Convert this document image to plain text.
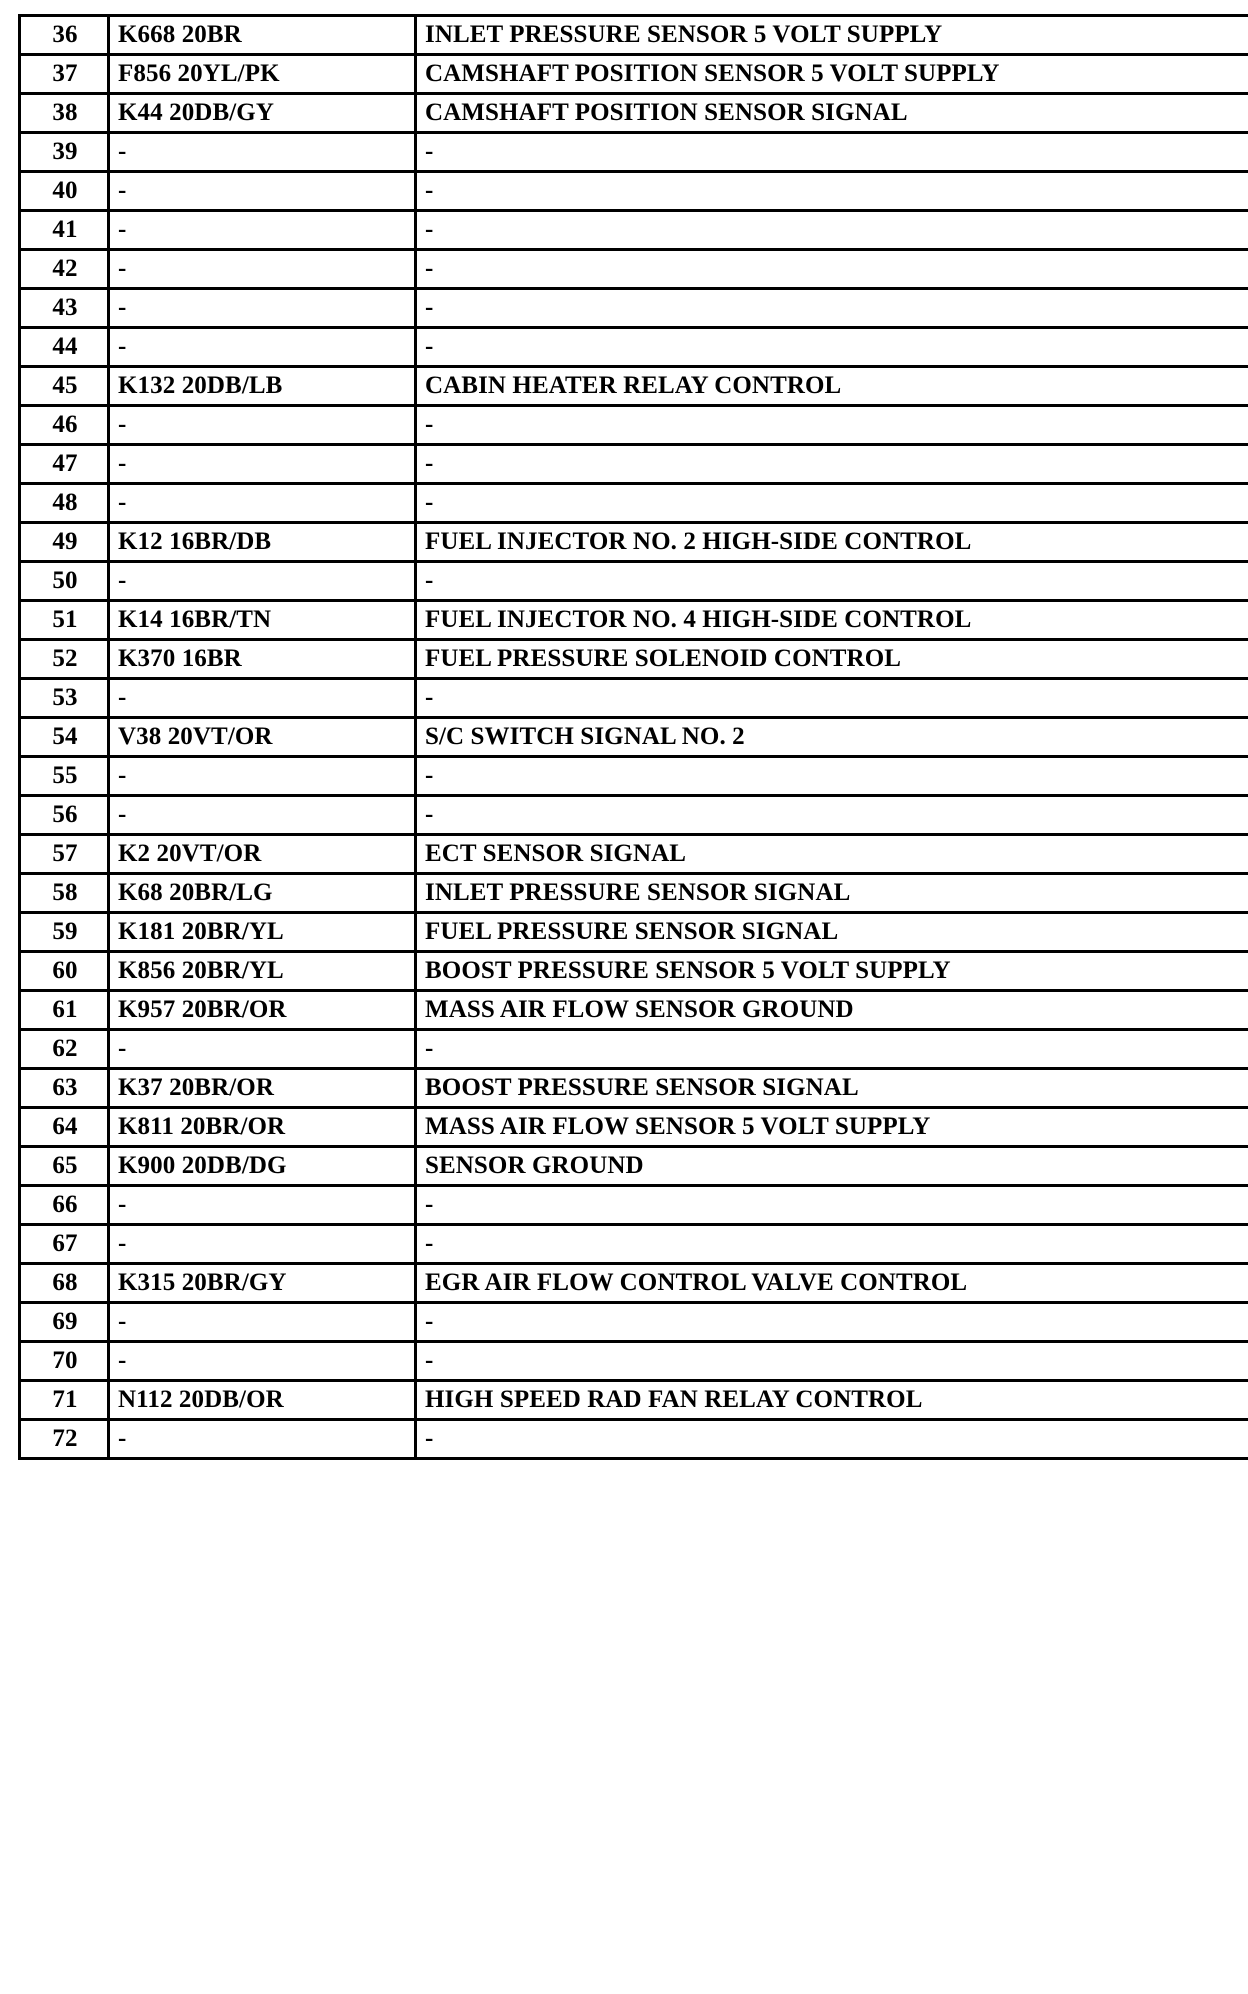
36	K668 20BR	INLET PRESSURE SENSOR 5 VOLT SUPPLY
37	F856 20YL/PK	CAMSHAFT POSITION SENSOR 5 VOLT SUPPLY
38	K44 20DB/GY	CAMSHAFT POSITION SENSOR SIGNAL
39	-	-
40	-	-
41	-	-
42	-	-
43	-	-
44	-	-
45	K132 20DB/LB	CABIN HEATER RELAY CONTROL
46	-	-
47	-	-
48	-	-
49	K12 16BR/DB	FUEL INJECTOR NO. 2 HIGH-SIDE CONTROL
50	-	-
51	K14 16BR/TN	FUEL INJECTOR NO. 4 HIGH-SIDE CONTROL
52	K370 16BR	FUEL PRESSURE SOLENOID CONTROL
53	-	-
54	V38 20VT/OR	S/C SWITCH SIGNAL NO. 2
55	-	-
56	-	-
57	K2 20VT/OR	ECT SENSOR SIGNAL
58	K68 20BR/LG	INLET PRESSURE SENSOR SIGNAL
59	K181 20BR/YL	FUEL PRESSURE SENSOR SIGNAL
60	K856 20BR/YL	BOOST PRESSURE SENSOR 5 VOLT SUPPLY
61	K957 20BR/OR	MASS AIR FLOW SENSOR GROUND
62	-	-
63	K37 20BR/OR	BOOST PRESSURE SENSOR SIGNAL
64	K811 20BR/OR	MASS AIR FLOW SENSOR 5 VOLT SUPPLY
65	K900 20DB/DG	SENSOR GROUND
66	-	-
67	-	-
68	K315 20BR/GY	EGR AIR FLOW CONTROL VALVE CONTROL
69	-	-
70	-	-
71	N112 20DB/OR	HIGH SPEED RAD FAN RELAY CONTROL
72	-	-
